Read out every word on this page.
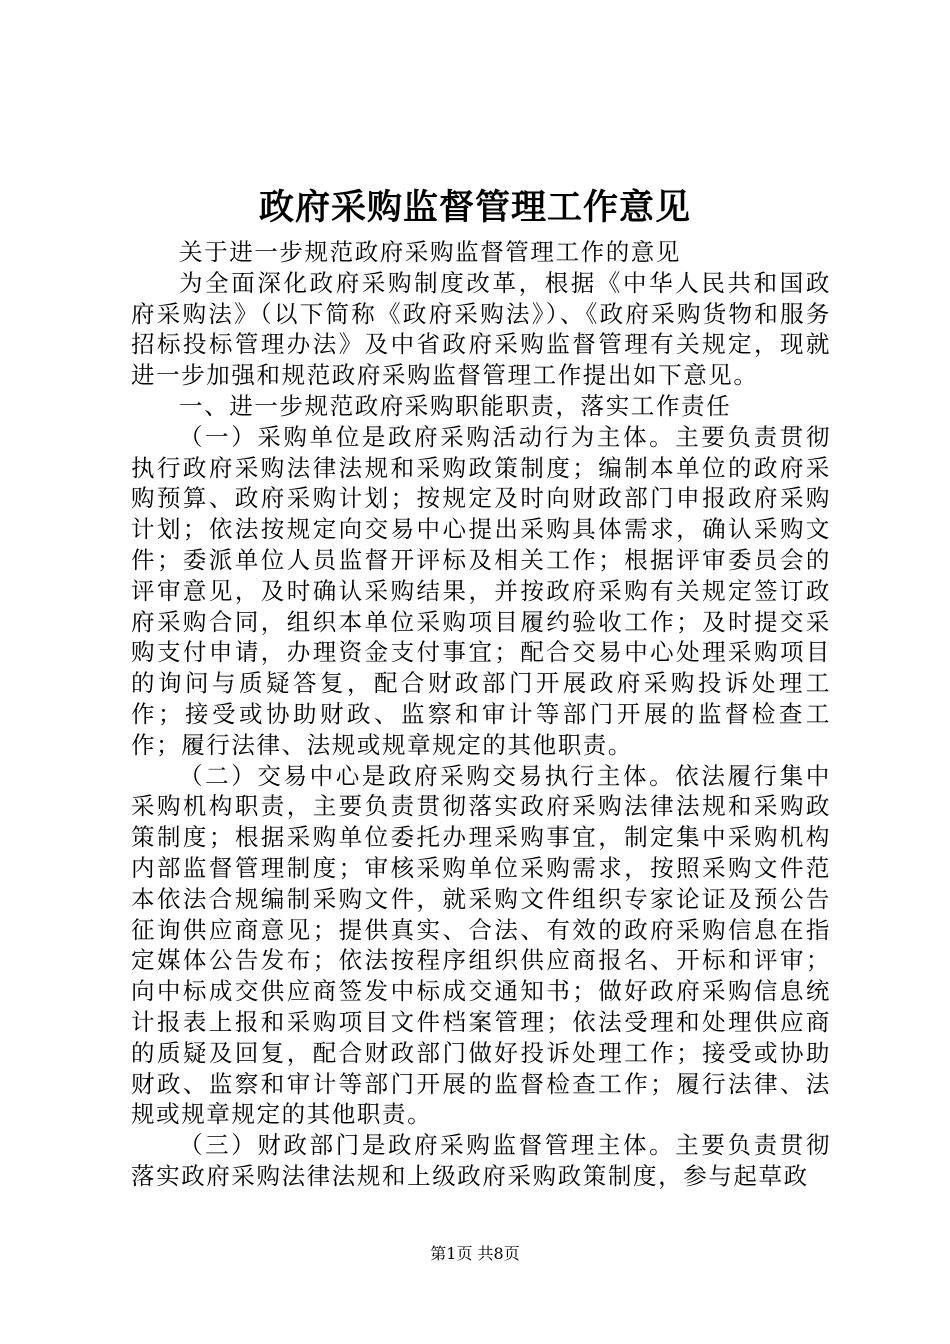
政府采购监督管理工作意见

关于进一步规范政府采购监督管理工作的意见

为全面深化政府采购制度改革，根据《中华人民共和国政府采购法》（以下简称《政府采购法》）、《政府采购货物和服务招标投标管理办法》及中省政府采购监督管理有关规定，现就进一步加强和规范政府采购监督管理工作提出如下意见。

一、进一步规范政府采购职能职责，落实工作责任

（一）采购单位是政府采购活动行为主体。主要负责贯彻执行政府采购法律法规和采购政策制度；编制本单位的政府采购预算、政府采购计划；按规定及时向财政部门申报政府采购计划；依法按规定向交易中心提出采购具体需求，确认采购文件；委派单位人员监督开评标及相关工作；根据评审委员会的评审意见，及时确认采购结果，并按政府采购有关规定签订政府采购合同，组织本单位采购项目履约验收工作；及时提交采购支付申请，办理资金支付事宜；配合交易中心处理采购项目的询问与质疑答复，配合财政部门开展政府采购投诉处理工作；接受或协助财政、监察和审计等部门开展的监督检查工作；履行法律、法规或规章规定的其他职责。

（二）交易中心是政府采购交易执行主体。依法履行集中采购机构职责，主要负责贯彻落实政府采购法律法规和采购政策制度；根据采购单位委托办理采购事宜，制定集中采购机构内部监督管理制度；审核采购单位采购需求，按照采购文件范本依法合规编制采购文件，就采购文件组织专家论证及预公告征询供应商意见；提供真实、合法、有效的政府采购信息在指定媒体公告发布；依法按程序组织供应商报名、开标和评审；向中标成交供应商签发中标成交通知书；做好政府采购信息统计报表上报和采购项目文件档案管理；依法受理和处理供应商的质疑及回复，配合财政部门做好投诉处理工作；接受或协助财政、监察和审计等部门开展的监督检查工作；履行法律、法规或规章规定的其他职责。

（三）财政部门是政府采购监督管理主体。主要负责贯彻落实政府采购法律法规和上级政府采购政策制度，参与起草政

第1页 共8页
